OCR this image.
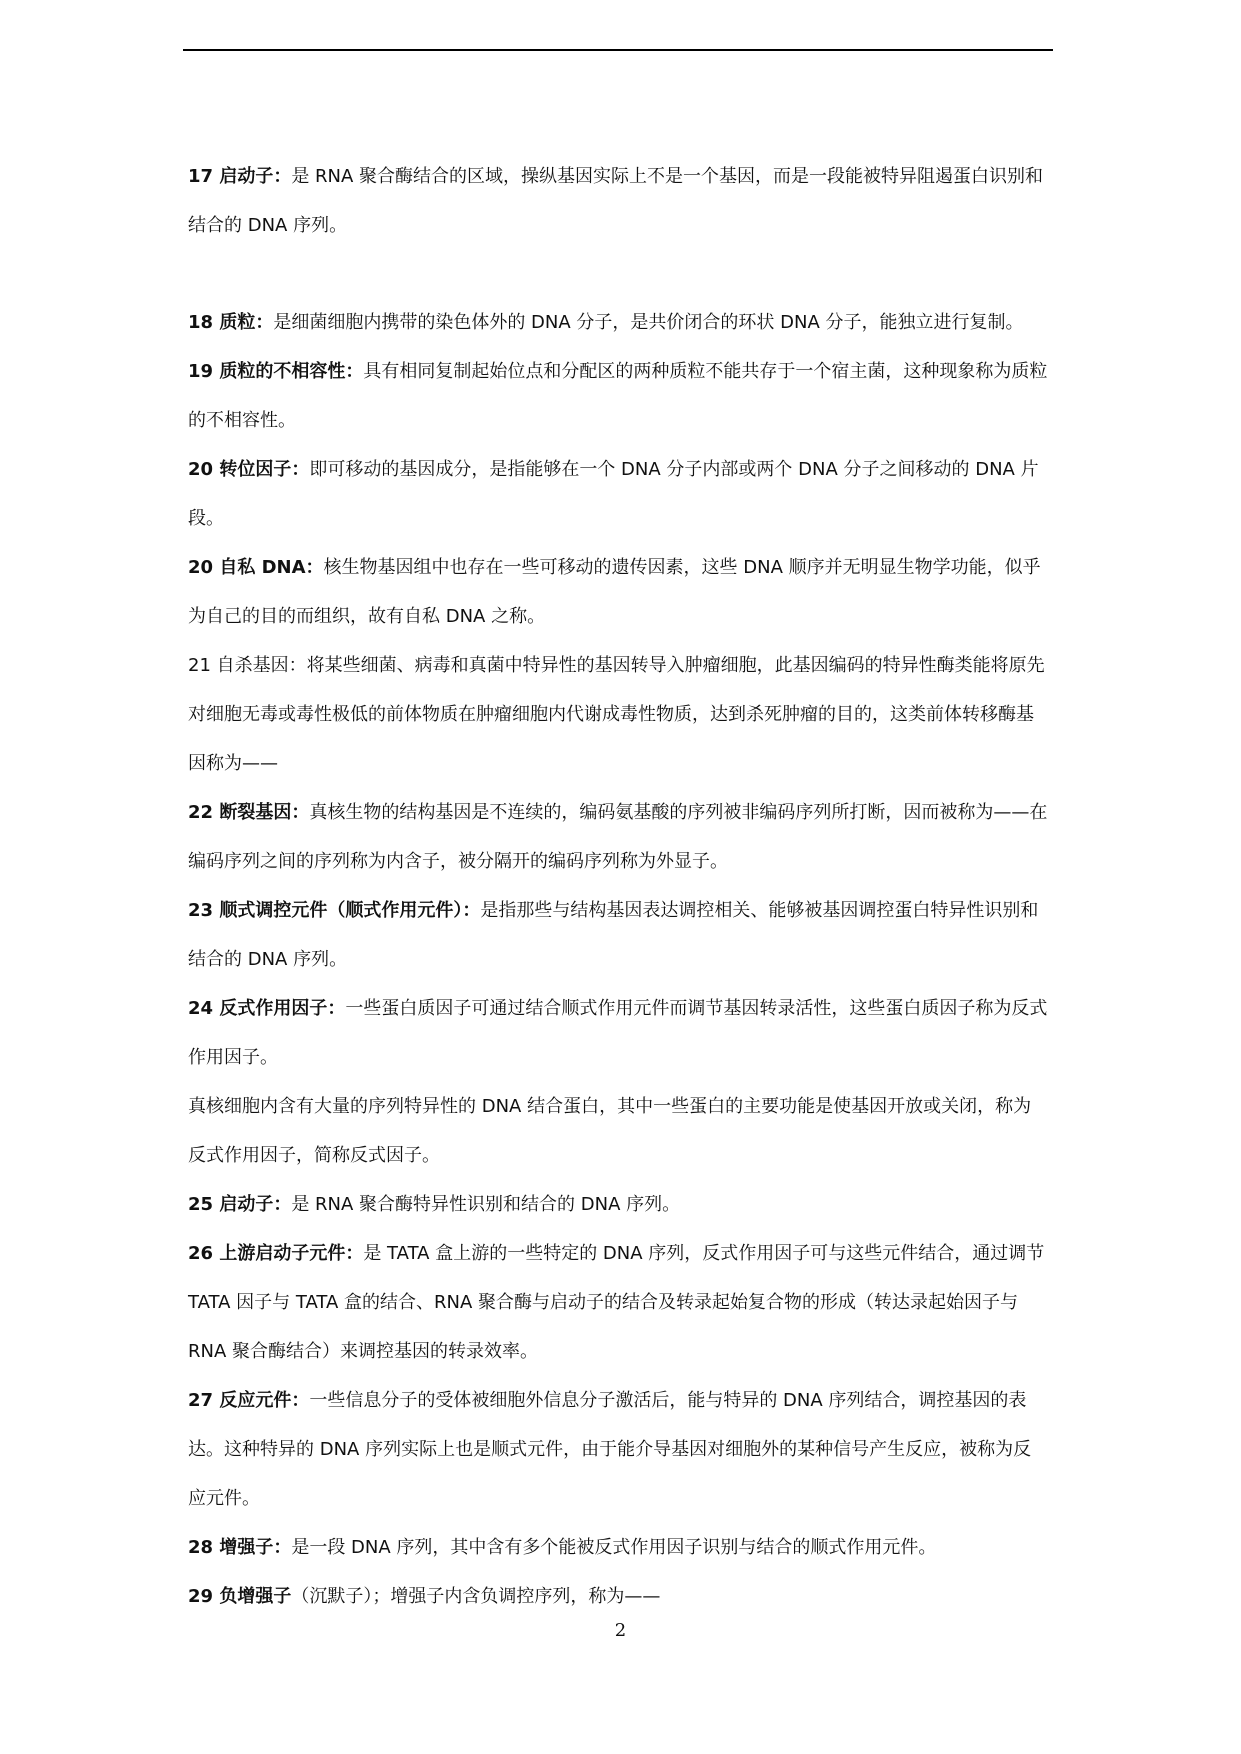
17 启动子：是 RNA 聚合酶结合的区域，操纵基因实际上不是一个基因，而是一段能被特异阻遏蛋白识别和结合的 DNA 序列。

18 质粒：是细菌细胞内携带的染色体外的 DNA 分子，是共价闭合的环状 DNA 分子，能独立进行复制。

19 质粒的不相容性：具有相同复制起始位点和分配区的两种质粒不能共存于一个宿主菌，这种现象称为质粒的不相容性。

20 转位因子：即可移动的基因成分，是指能够在一个 DNA 分子内部或两个 DNA 分子之间移动的 DNA 片段。

20 自私 DNA：核生物基因组中也存在一些可移动的遗传因素，这些 DNA 顺序并无明显生物学功能，似乎为自己的目的而组织，故有自私 DNA 之称。

21 自杀基因：将某些细菌、病毒和真菌中特异性的基因转导入肿瘤细胞，此基因编码的特异性酶类能将原先对细胞无毒或毒性极低的前体物质在肿瘤细胞内代谢成毒性物质，达到杀死肿瘤的目的，这类前体转移酶基因称为——

22 断裂基因：真核生物的结构基因是不连续的，编码氨基酸的序列被非编码序列所打断，因而被称为——在编码序列之间的序列称为内含子，被分隔开的编码序列称为外显子。

23 顺式调控元件（顺式作用元件）：是指那些与结构基因表达调控相关、能够被基因调控蛋白特异性识别和结合的 DNA 序列。

24 反式作用因子：一些蛋白质因子可通过结合顺式作用元件而调节基因转录活性，这些蛋白质因子称为反式作用因子。

真核细胞内含有大量的序列特异性的 DNA 结合蛋白，其中一些蛋白的主要功能是使基因开放或关闭，称为反式作用因子，简称反式因子。

25 启动子：是 RNA 聚合酶特异性识别和结合的 DNA 序列。

26 上游启动子元件：是 TATA 盒上游的一些特定的 DNA 序列，反式作用因子可与这些元件结合，通过调节 TATA 因子与 TATA 盒的结合、RNA 聚合酶与启动子的结合及转录起始复合物的形成（转达录起始因子与 RNA 聚合酶结合）来调控基因的转录效率。

27 反应元件：一些信息分子的受体被细胞外信息分子激活后，能与特异的 DNA 序列结合，调控基因的表达。这种特异的 DNA 序列实际上也是顺式元件，由于能介导基因对细胞外的某种信号产生反应，被称为反应元件。

28 增强子：是一段 DNA 序列，其中含有多个能被反式作用因子识别与结合的顺式作用元件。

29 负增强子（沉默子）；增强子内含负调控序列，称为——

2
